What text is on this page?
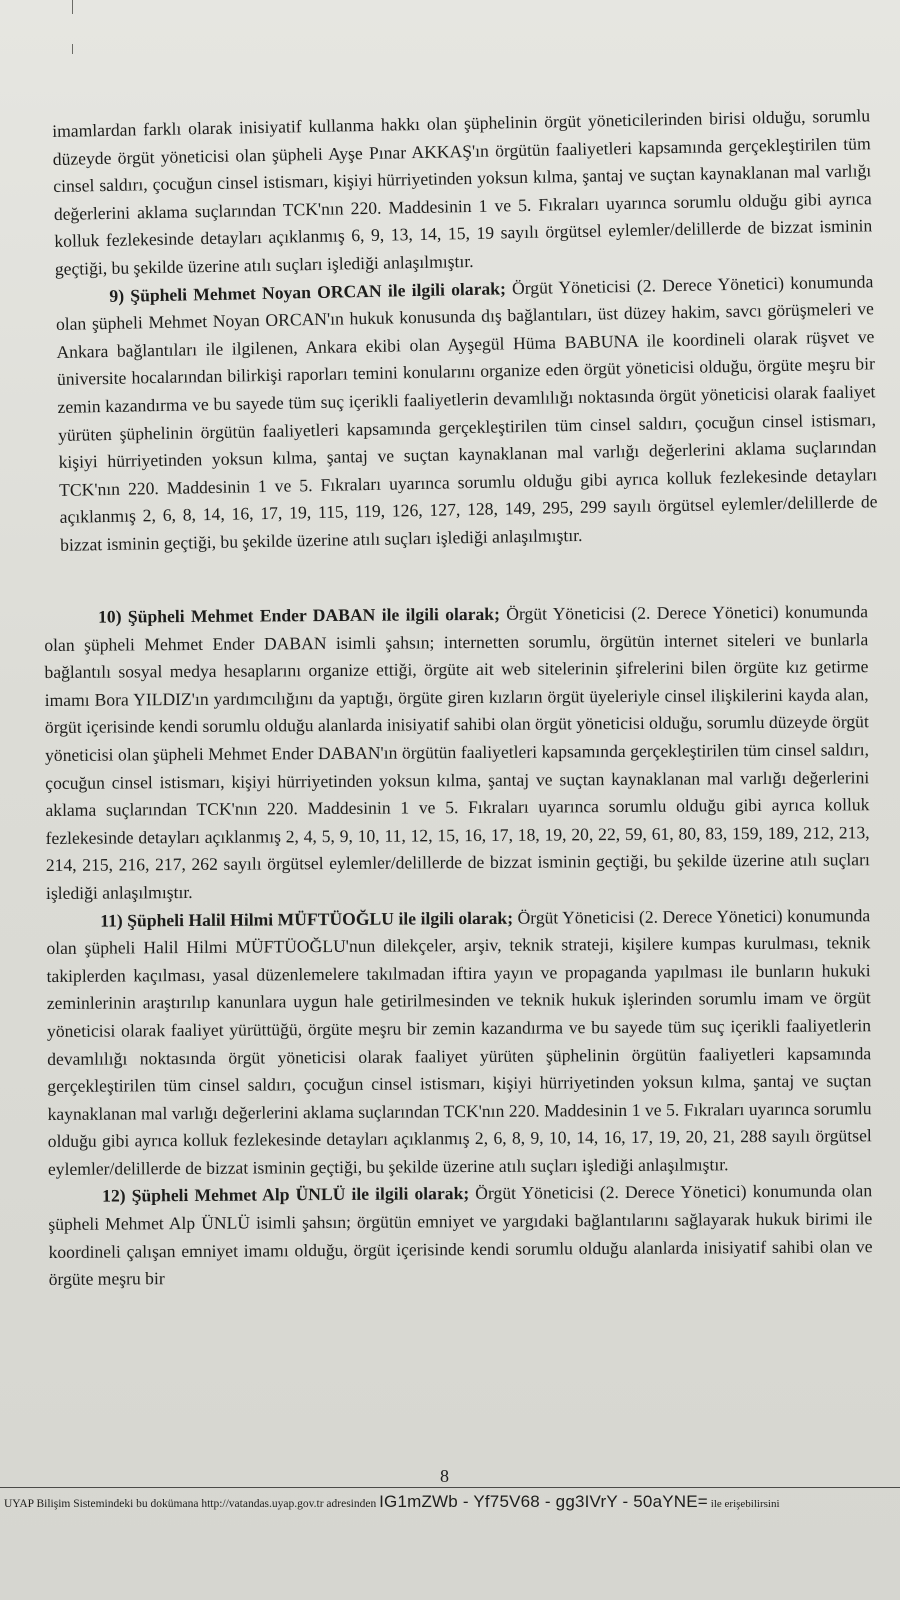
imamlardan farklı olarak inisiyatif kullanma hakkı olan şüphelinin örgüt yöneticilerinden birisi olduğu, sorumlu düzeyde örgüt yöneticisi olan şüpheli Ayşe Pınar AKKAŞ'ın örgütün faaliyetleri kapsamında gerçekleştirilen tüm cinsel saldırı, çocuğun cinsel istismarı, kişiyi hürriyetinden yoksun kılma, şantaj ve suçtan kaynaklanan mal varlığı değerlerini aklama suçlarından TCK'nın 220. Maddesinin 1 ve 5. Fıkraları uyarınca sorumlu olduğu gibi ayrıca kolluk fezlekesinde detayları açıklanmış 6, 9, 13, 14, 15, 19 sayılı örgütsel eylemler/delillerde de bizzat isminin geçtiği, bu şekilde üzerine atılı suçları işlediği anlaşılmıştır.

9) Şüpheli Mehmet Noyan ORCAN ile ilgili olarak; Örgüt Yöneticisi (2. Derece Yönetici) konumunda olan şüpheli Mehmet Noyan ORCAN'ın hukuk konusunda dış bağlantıları, üst düzey hakim, savcı görüşmeleri ve Ankara bağlantıları ile ilgilenen, Ankara ekibi olan Ayşegül Hüma BABUNA ile koordineli olarak rüşvet ve üniversite hocalarından bilirkişi raporları temini konularını organize eden örgüt yöneticisi olduğu, örgüte meşru bir zemin kazandırma ve bu sayede tüm suç içerikli faaliyetlerin devamlılığı noktasında örgüt yöneticisi olarak faaliyet yürüten şüphelinin örgütün faaliyetleri kapsamında gerçekleştirilen tüm cinsel saldırı, çocuğun cinsel istismarı, kişiyi hürriyetinden yoksun kılma, şantaj ve suçtan kaynaklanan mal varlığı değerlerini aklama suçlarından TCK'nın 220. Maddesinin 1 ve 5. Fıkraları uyarınca sorumlu olduğu gibi ayrıca kolluk fezlekesinde detayları açıklanmış 2, 6, 8, 14, 16, 17, 19, 115, 119, 126, 127, 128, 149, 295, 299 sayılı örgütsel eylemler/delillerde de bizzat isminin geçtiği, bu şekilde üzerine atılı suçları işlediği anlaşılmıştır.

10) Şüpheli Mehmet Ender DABAN ile ilgili olarak; Örgüt Yöneticisi (2. Derece Yönetici) konumunda olan şüpheli Mehmet Ender DABAN isimli şahsın; internetten sorumlu, örgütün internet siteleri ve bunlarla bağlantılı sosyal medya hesaplarını organize ettiği, örgüte ait web sitelerinin şifrelerini bilen örgüte kız getirme imamı Bora YILDIZ'ın yardımcılığını da yaptığı, örgüte giren kızların örgüt üyeleriyle cinsel ilişkilerini kayda alan, örgüt içerisinde kendi sorumlu olduğu alanlarda inisiyatif sahibi olan örgüt yöneticisi olduğu, sorumlu düzeyde örgüt yöneticisi olan şüpheli Mehmet Ender DABAN'ın örgütün faaliyetleri kapsamında gerçekleştirilen tüm cinsel saldırı, çocuğun cinsel istismarı, kişiyi hürriyetinden yoksun kılma, şantaj ve suçtan kaynaklanan mal varlığı değerlerini aklama suçlarından TCK'nın 220. Maddesinin 1 ve 5. Fıkraları uyarınca sorumlu olduğu gibi ayrıca kolluk fezlekesinde detayları açıklanmış 2, 4, 5, 9, 10, 11, 12, 15, 16, 17, 18, 19, 20, 22, 59, 61, 80, 83, 159, 189, 212, 213, 214, 215, 216, 217, 262 sayılı örgütsel eylemler/delillerde de bizzat isminin geçtiği, bu şekilde üzerine atılı suçları işlediği anlaşılmıştır.

11) Şüpheli Halil Hilmi MÜFTÜOĞLU ile ilgili olarak; Örgüt Yöneticisi (2. Derece Yönetici) konumunda olan şüpheli Halil Hilmi MÜFTÜOĞLU'nun dilekçeler, arşiv, teknik strateji, kişilere kumpas kurulması, teknik takiplerden kaçılması, yasal düzenlemelere takılmadan iftira yayın ve propaganda yapılması ile bunların hukuki zeminlerinin araştırılıp kanunlara uygun hale getirilmesinden ve teknik hukuk işlerinden sorumlu imam ve örgüt yöneticisi olarak faaliyet yürüttüğü, örgüte meşru bir zemin kazandırma ve bu sayede tüm suç içerikli faaliyetlerin devamlılığı noktasında örgüt yöneticisi olarak faaliyet yürüten şüphelinin örgütün faaliyetleri kapsamında gerçekleştirilen tüm cinsel saldırı, çocuğun cinsel istismarı, kişiyi hürriyetinden yoksun kılma, şantaj ve suçtan kaynaklanan mal varlığı değerlerini aklama suçlarından TCK'nın 220. Maddesinin 1 ve 5. Fıkraları uyarınca sorumlu olduğu gibi ayrıca kolluk fezlekesinde detayları açıklanmış 2, 6, 8, 9, 10, 14, 16, 17, 19, 20, 21, 288 sayılı örgütsel eylemler/delillerde de bizzat isminin geçtiği, bu şekilde üzerine atılı suçları işlediği anlaşılmıştır.

12) Şüpheli Mehmet Alp ÜNLÜ ile ilgili olarak; Örgüt Yöneticisi (2. Derece Yönetici) konumunda olan şüpheli Mehmet Alp ÜNLÜ isimli şahsın; örgütün emniyet ve yargıdaki bağlantılarını sağlayarak hukuk birimi ile koordineli çalışan emniyet imamı olduğu, örgüt içerisinde kendi sorumlu olduğu alanlarda inisiyatif sahibi olan ve örgüte meşru bir

8
UYAP Bilişim Sistemindeki bu dokümana http://vatandas.uyap.gov.tr adresinden IG1mZWb - Yf75V68 - gg3IVrY - 50aYNE= ile erişebilirsini
